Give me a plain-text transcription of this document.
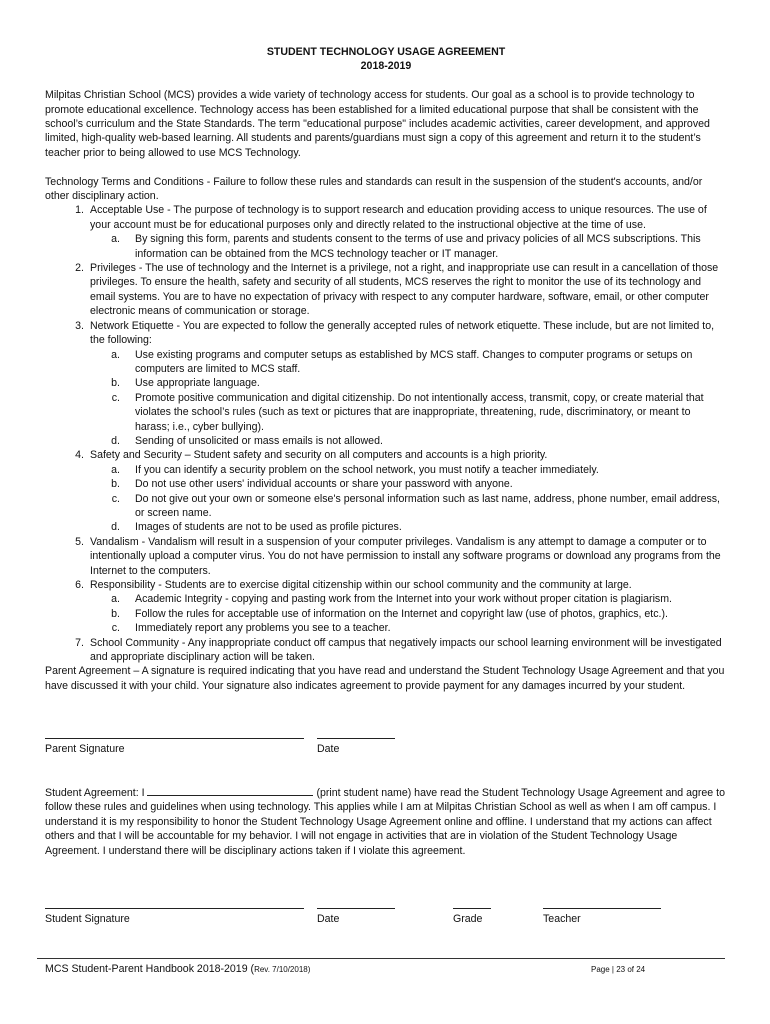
STUDENT TECHNOLOGY USAGE AGREEMENT
2018-2019

Milpitas Christian School (MCS) provides a wide variety of technology access for students. Our goal as a school is to provide technology to promote educational excellence. Technology access has been established for a limited educational purpose that shall be consistent with the school’s curriculum and the State Standards. The term "educational purpose" includes academic activities, career development, and approved limited, high-quality web-based learning. All students and parents/guardians must sign a copy of this agreement and return it to the student’s teacher prior to being allowed to use MCS Technology.

Technology Terms and Conditions - Failure to follow these rules and standards can result in the suspension of the student's accounts, and/or other disciplinary action.

1. Acceptable Use - The purpose of technology is to support research and education providing access to unique resources. The use of your account must be for educational purposes only and directly related to the instructional objective at the time of use.
a.	By signing this form, parents and students consent to the terms of use and privacy policies of all MCS subscriptions. This information can be obtained from the MCS technology teacher or IT manager.
2. Privileges - The use of technology and the Internet is a privilege, not a right, and inappropriate use can result in a cancellation of those privileges. To ensure the health, safety and security of all students, MCS reserves the right to monitor the use of its technology and email systems. You are to have no expectation of privacy with respect to any computer hardware, software, email, or other computer electronic means of communication or storage.
3. Network Etiquette - You are expected to follow the generally accepted rules of network etiquette. These include, but are not limited to, the following:
a.	Use existing programs and computer setups as established by MCS staff. Changes to computer programs or setups on computers are limited to MCS staff.
b.	Use appropriate language.
c.	Promote positive communication and digital citizenship. Do not intentionally access, transmit, copy, or create material that violates the school’s rules (such as text or pictures that are inappropriate, threatening, rude, discriminatory, or meant to harass; i.e., cyber bullying).
d.	Sending of unsolicited or mass emails is not allowed.
4. Safety and Security – Student safety and security on all computers and accounts is a high priority.
a.	If you can identify a security problem on the school network, you must notify a teacher immediately.
b.	Do not use other users' individual accounts or share your password with anyone.
c.	Do not give out your own or someone else's personal information such as last name, address, phone number, email address, or screen name.
d.	Images of students are not to be used as profile pictures.
5. Vandalism - Vandalism will result in a suspension of your computer privileges. Vandalism is any attempt to damage a computer or to intentionally upload a computer virus. You do not have permission to install any software programs or download any programs from the Internet to the computers.
6. Responsibility - Students are to exercise digital citizenship within our school community and the community at large.
a.	Academic Integrity - copying and pasting work from the Internet into your work without proper citation is plagiarism.
b.	Follow the rules for acceptable use of information on the Internet and copyright law (use of photos, graphics, etc.).
c.	Immediately report any problems you see to a teacher.
7. School Community - Any inappropriate conduct off campus that negatively impacts our school learning environment will be investigated and appropriate disciplinary action will be taken.

Parent Agreement – A signature is required indicating that you have read and understand the Student Technology Usage Agreement and that you have discussed it with your child. Your signature also indicates agreement to provide payment for any damages incurred by your student.

Parent Signature	Date
Student Agreement: I	(print student name) have read the Student Technology Usage Agreement and agree to follow these rules and guidelines when using technology. This applies while I am at Milpitas Christian School as well as when I am off campus. I understand it is my responsibility to honor the Student Technology Usage Agreement online and offline. I understand that my actions can affect others and that I will be accountable for my behavior. I will not engage in activities that are in violation of the Student Technology Usage Agreement. I understand there will be disciplinary actions taken if I violate this agreement.
Student Signature	Date	Grade	Teacher
MCS Student-Parent Handbook 2018-2019 (Rev. 7/10/2018)	Page | 23 of 24
